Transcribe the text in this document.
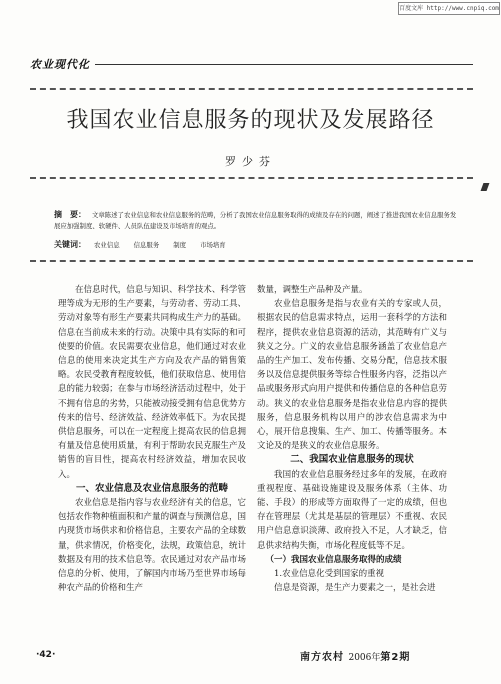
百度文库 http://www.cnpiq.com
农业现代化
我国农业信息服务的现状及发展路径
罗少芬
摘　要： 文章陈述了农业信息和农业信息服务的范畴，分析了我国农业信息服务取得的成绩及存在的问题，阐述了推进我国农业信息服务发展应加强制度、软硬件、人员队伍建设及市场培育的观点。
关键词： 农业信息 信息服务 制度 市场培育

在信息时代，信息与知识、科学技术、科学管理等成为无形的生产要素，与劳动者、劳动工具、劳动对象等有形生产要素共同构成生产力的基础。信息在当前成未来的行动。决策中具有实际的和可使要的价值。农民需要农业信息，他们通过对农业信息的使用来决定其生产方向及农产品的销售策略。农民受教育程度较低，他们获取信息、使用信息的能力较弱；在参与市场经济活动过程中，处于不拥有信息的劣势，只能被动接受拥有信息优势方传来的信号、经济效益、经济效率低下。为农民提供信息服务，可以在一定程度上提高农民的信息拥有量及信息使用质量，有利于帮助农民克服生产及销售的盲目性，提高农村经济效益，增加农民收入。

一、农业信息及农业信息服务的范畴

农业信息是指内容与农业经济有关的信息，它包括农作物种植面积和产量的调查与预测信息，国内现货市场供求和价格信息，主要农产品的全球数量，供求情况，价格变化，法规，政策信息，统计数据及有用的技术信息等。农民通过对农产品市场信息的分析、使用，了解国内市场乃至世界市场每种农产品的价格和生产

数量，调整生产品种及产量。

农业信息服务是指与农业有关的专家或人员，根据农民的信息需求特点，运用一套科学的方法和程序，提供农业信息资源的活动，其范畴有广义与狭义之分。广义的农业信息服务涵盖了农业信息产品的生产加工、发布传播、交易分配，信息技术服务以及信息提供服务等综合性服务内容，泛指以产品或服务形式向用户提供和传播信息的各种信息劳动。狭义的农业信息服务是指农业信息内容的提供服务，信息服务机构以用户的涉农信息需求为中心，展开信息搜集、生产、加工、传播等服务。本文论及的是狭义的农业信息服务。

二、我国农业信息服务的现状

我国的农业信息服务经过多年的发展，在政府重视程度、基础设施建设及服务体系（主体、功能、手段）的形成等方面取得了一定的成绩，但也存在管理层（尤其是基层的管理层）不重视、农民用户信息意识淡薄、政府投入不足，人才缺乏，信息供求结构失衡，市场化程度低等不足。

（一）我国农业信息服务取得的成绩

1.农业信息化受到国家的重视

信息是资源，是生产力要素之一，是社会进

·42·	南方农村 2006年第2期
